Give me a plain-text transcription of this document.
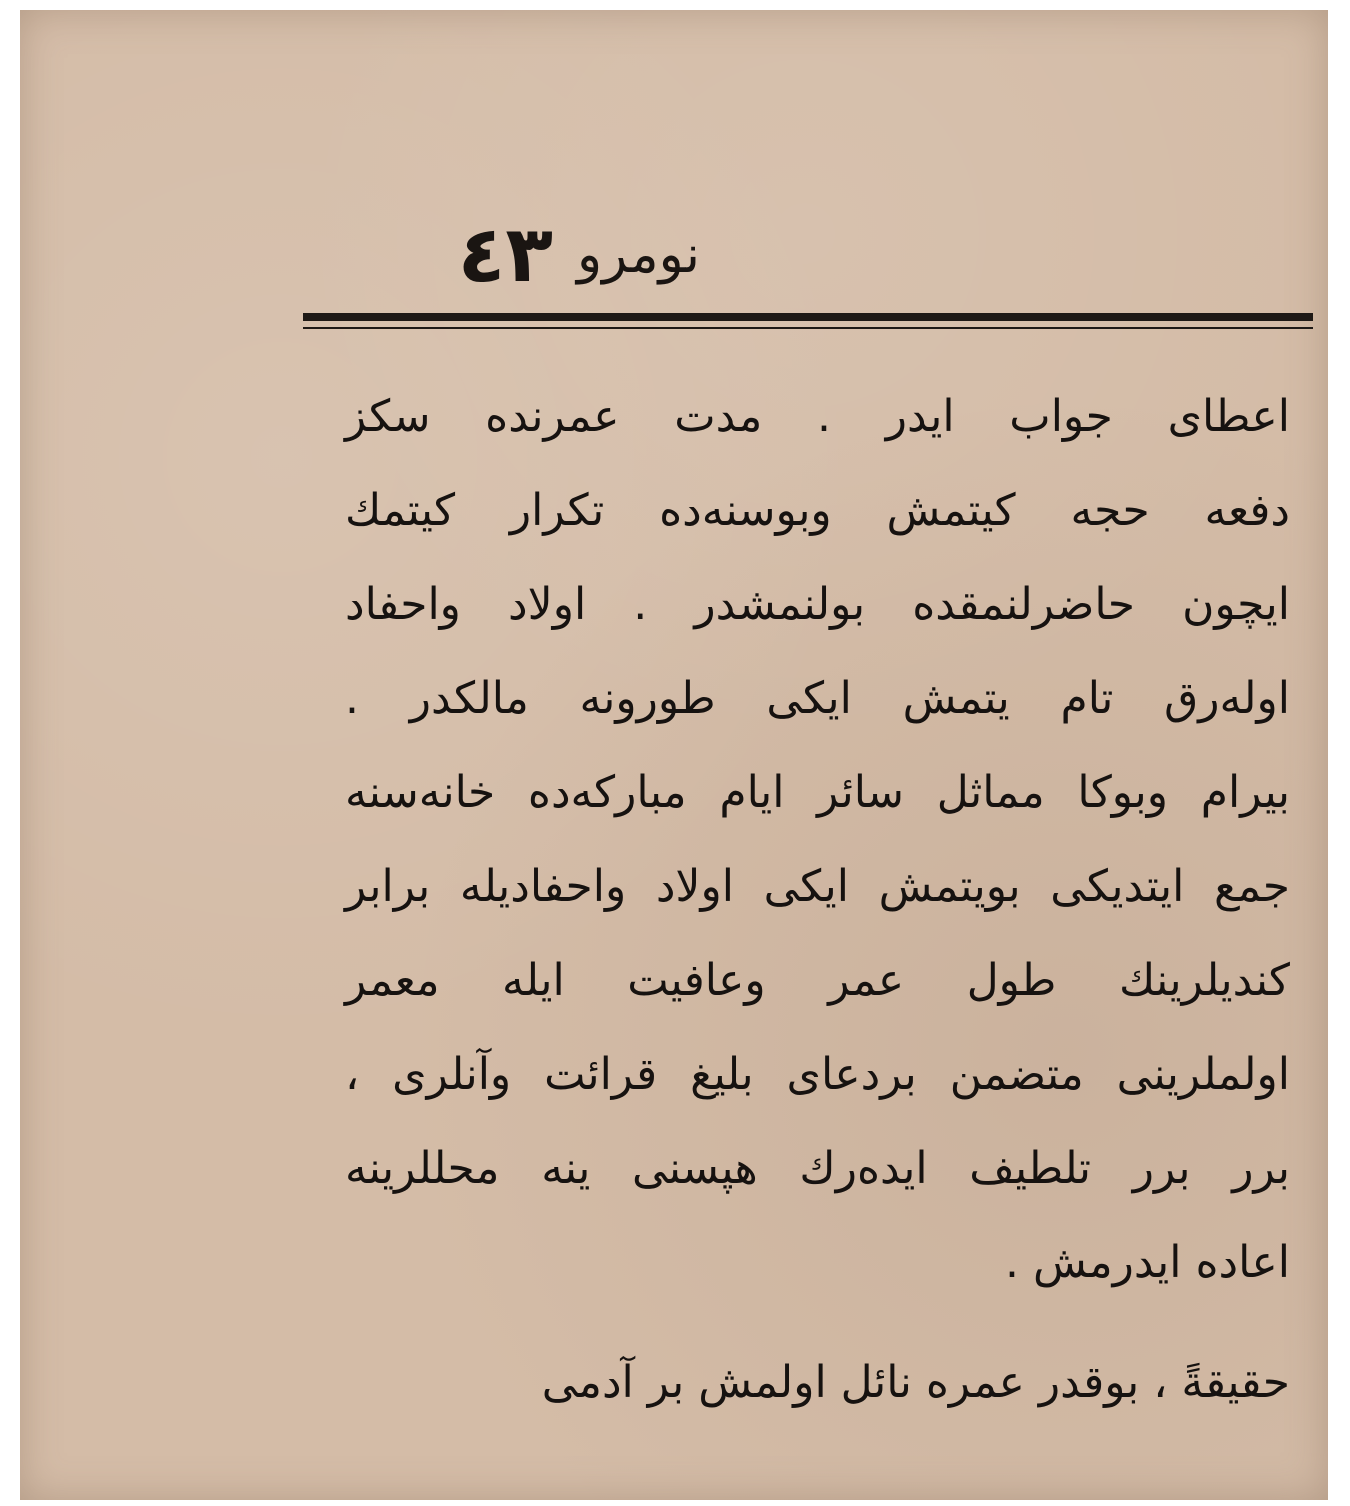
نومرو
٤٣
اعطای جواب ایدر . مدت عمرنده سکز
دفعه حجه کیتمش وبوسنه‌ده تکرار کیتمك
ایچون حاضرلنمقده بولنمشدر . اولاد واحفاد
اوله‌رق تام یتمش ایکی طورونه مالکدر .
بیرام وبوکا مماثل سائر ایام مبارکه‌ده خانه‌سنه
جمع ایتدیکی بویتمش ایکی اولاد واحفادیله برابر
کندیلرینك طول عمر وعافیت ایله معمر
اولملرینی متضمن بردعای بلیغ قرائت وآنلری ،
برر برر تلطیف ایده‌رك هپسنی ینه محللرینه
اعاده ایدرمش .
حقیقةً ، بوقدر عمره نائل اولمش بر آدمی
